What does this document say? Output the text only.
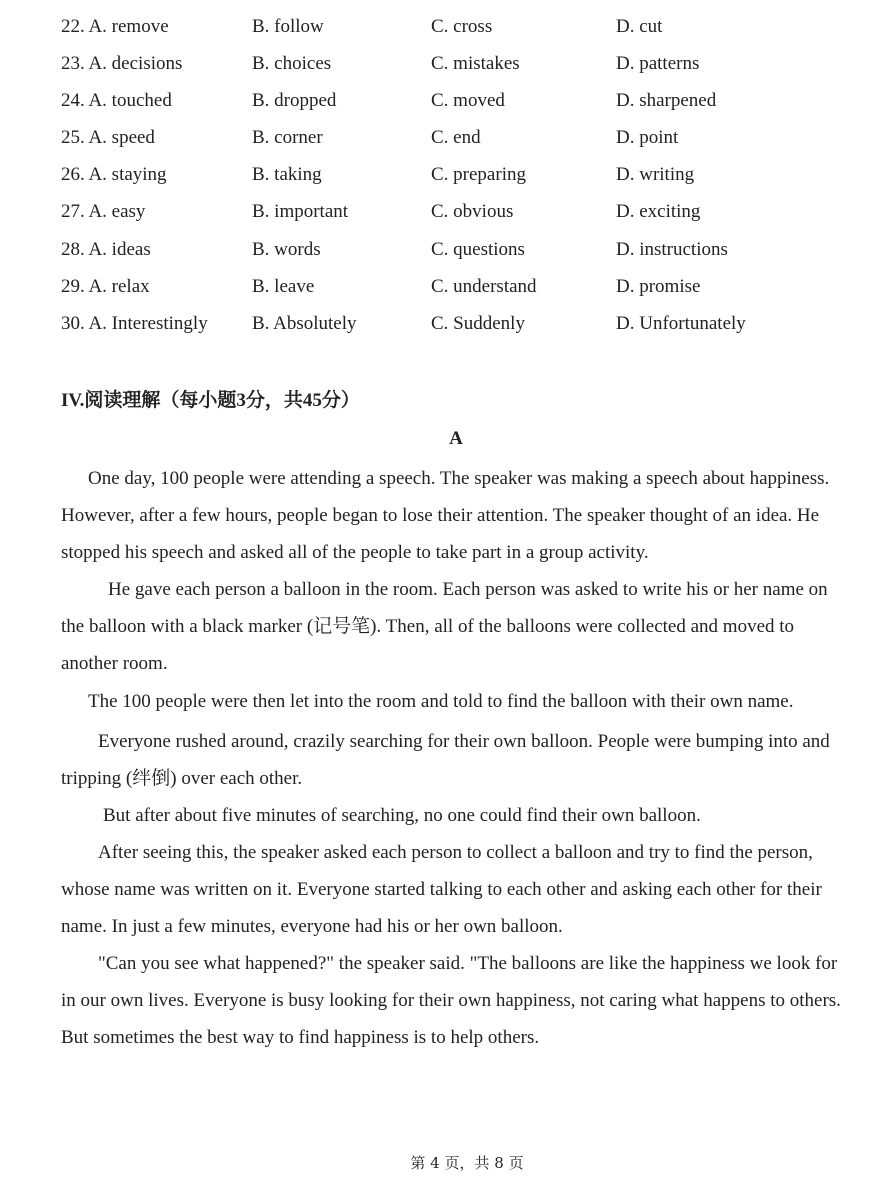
22. A. remove	B. follow	C. cross	D. cut
23. A. decisions	B. choices	C. mistakes	D. patterns
24. A. touched	B. dropped	C. moved	D. sharpened
25. A. speed	B. corner	C. end	D. point
26. A. staying	B. taking	C. preparing	D. writing
27. A. easy	B. important	C. obvious	D. exciting
28. A. ideas	B. words	C. questions	D. instructions
29. A. relax	B. leave	C. understand	D. promise
30. A. Interestingly B. Absolutely	C. Suddenly	D. Unfortunately
IV.阅读理解（每小题3分，共45分）
A

One day, 100 people were attending a speech. The speaker was making a speech about happiness. However, after a few hours, people began to lose their attention. The speaker thought of an idea. He stopped his speech and asked all of the people to take part in a group activity.

He gave each person a balloon in the room. Each person was asked to write his or her name on the balloon with a black marker (记号笔). Then, all of the balloons were collected and moved to another room.

The 100 people were then let into the room and told to find the balloon with their own name.

Everyone rushed around, crazily searching for their own balloon. People were bumping into and tripping (绊倒) over each other.

But after about five minutes of searching, no one could find their own balloon.

After seeing this, the speaker asked each person to collect a balloon and try to find the person, whose name was written on it. Everyone started talking to each other and asking each other for their name. In just a few minutes, everyone had his or her own balloon.

"Can you see what happened?" the speaker said. "The balloons are like the happiness we look for in our own lives. Everyone is busy looking for their own happiness, not caring what happens to others. But sometimes the best way to find happiness is to help others.

第 4 页，共 8 页
